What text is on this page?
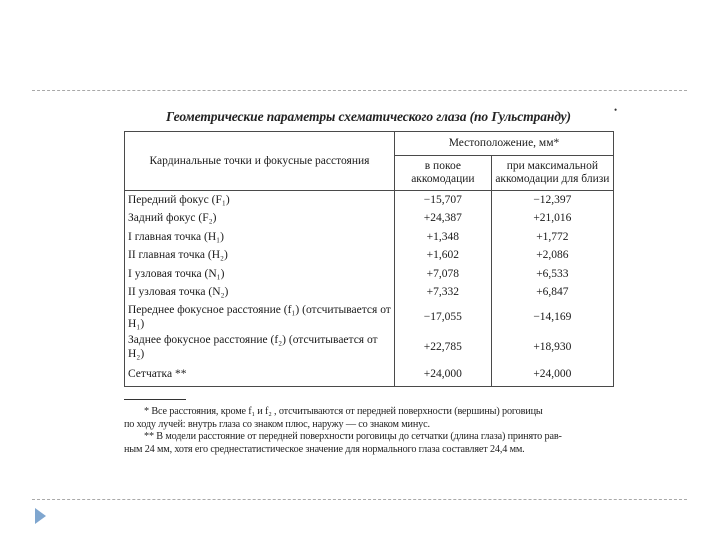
•
Геометрические параметры схематического глаза (по Гульстранду)
Кардинальные точки и фокусные расстояния	Местоположение, мм*	
	в покое аккомодации	при максимальной аккомодации для близи
Передний фокус (F₁)	−15,707	−12,397
Задний фокус (F₂)	+24,387	+21,016
I главная точка (H₁)	+1,348	+1,772
II главная точка (H₂)	+1,602	+2,086
I узловая точка (N₁)	+7,078	+6,533
II узловая точка (N₂)	+7,332	+6,847
Переднее фокусное расстояние (f₁) (отсчитывается от H₁)	−17,055	−14,169
Заднее фокусное расстояние (f₂) (отсчитывается от H₂)	+22,785	+18,930
Сетчатка **	+24,000	+24,000

* Все расстояния, кроме f₁ и f₂ , отсчитываются от передней поверхности (вершины) роговицы
по ходу лучей: внутрь глаза со знаком плюс, наружу — со знаком минус.

** В модели расстояние от передней поверхности роговицы до сетчатки (длина глаза) принято рав-
ным 24 мм, хотя его среднестатистическое значение для нормального глаза составляет 24,4 мм.
